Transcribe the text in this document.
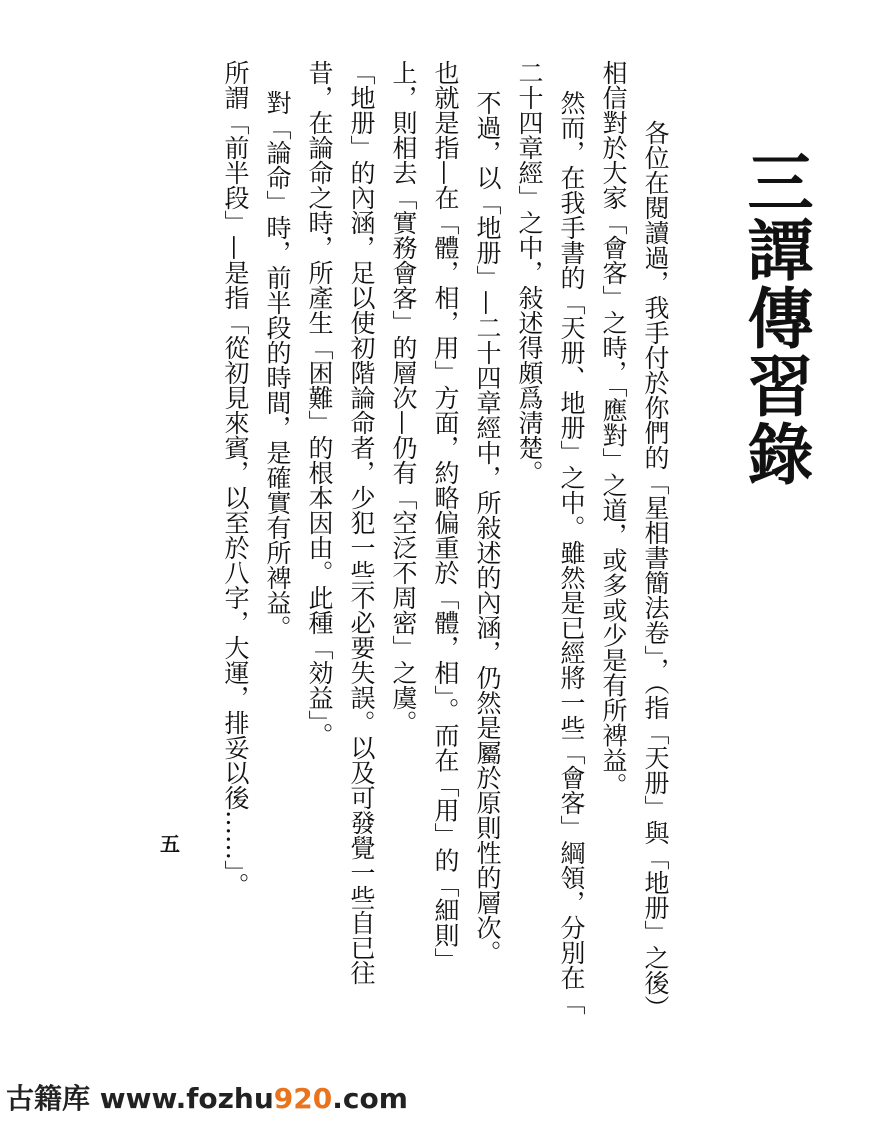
三譚傳習錄
各位在閱讀過，我手付於你們的「星相書簡法卷」，（指「天册」與「地册」之後）
相信對於大家「會客」之時，「應對」之道，或多或少是有所裨益。
然而，在我手書的「天册、地册」之中。雖然是已經將一些「會客」綱領，分別在「
二十四章經」之中，敍述得頗爲淸楚。
不過，以「地册」—二十四章經中，所敍述的內涵，仍然是屬於原則性的層次。
也就是指—在「體，相，用」方面，約略偏重於「體，相」。而在「用」的「細則」
上，則相去「實務會客」的層次—仍有「空泛不周密」之虞。
「地册」的內涵，足以使初階論命者，少犯一些不必要失誤。以及可發覺一些自已往
昔，在論命之時，所產生「困難」的根本因由。此種「効益」。
對「論命」時，前半段的時間，是確實有所裨益。
所謂「前半段」—是指「從初見來賓，以至於八字，大運，排妥以後……」。
五
古籍库 www.fozhu920.com
